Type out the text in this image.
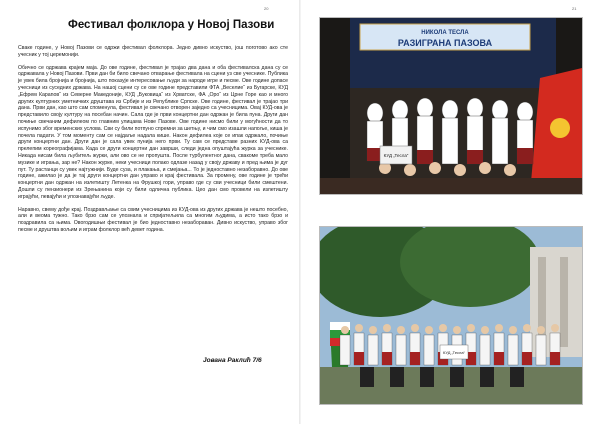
20	21
Фестивал фолклора у Новој Пазови

Сваке године, у Новој Пазови се одржи фестивал фолклора. Једно дивно искуство, још поготово ако сте учесник у тој церемонији.

Обично се одржава крајем маја. До ове године, фестивал је трајао два дана и оба фестивалска дана су се одржавала у Новој Пазови. Први дан би било свечано отварање фестивала на сцени уз све учеснике. Публика је увек била бројнија и бројнија, што показује интересовање људи за народе игре и песме. Ове године допасе учесници из суседних држава. На нашој сцени су се ове године представили ФТА „Веселие“ из Бугарске, КУД „Ефрем Караnов“ из Северне Македоније, КУД „Буковица“ из Хрватске, ФА „Оро“ из Црне Горе као и много других културних уметничких друштава из Србије и из Републике Српске. Ове године, фестивал је трајао три дана. Први дан, као што сам споменула, фестивал је свечано отворен заједно са учесницима. Овај КУД-ова је представило своју културу на посебан начин. Сала где је први концертни дан одржан је била пуна. Други дан почиње свечаним дефилеом по главним улицама Нове Пазове. Ове године нисмо били у могућности да то испунимо због временских услова. Сви су били потпуно спремни за шетњу, и чим смо изашли напоље, киша је почела падати. У том моменту сам се најдаље надала кише. Након дефилеа које се ипак одржало, почиње други концертни дан. Други дан је сала увек пунија него први. Ту сам се представе разних КУД-ова са прелепим кореографијама. Када се други концертни дан заврши, следи једна опуштајућа журка за учеснике. Никада нисам била љубитељ журки, али ово се не пропушта. После турбулентног дана, свакоме треба мало музике и играња, зар не? Након журке, неки учесници полако одлазе назад у своју државу и пред њима је дуг пут. Ту растанци су увек најтужнији. Буде суза, и плакања, и смејања... То је једноставно незаборавно. До ове године, ажилао је да је тај други концертни дан управо и крај фестивала. За промену, ове године је трећи концертни дан одржан на излетишту Летенка на Фрушкој гори, управо где су сви учесници били смештени. Дошли су пензионери из Зрењанина који су били одлична публика. Цео дан смо провели на излетишту играјући, певајући и упознавајући људе.

Наравно, свему дође крај. Поздрављање са свим учесницима из КУД-ова из других држава је нешто посебно, али и веома тужно. Тако брзо сам се упознала и спријатељила са многим људима, а исто тако брзо и поздравила са њима. Овогодишњи фестивал је био једноставно незабораван. Дивно искуство, управо због песме и друштва вољим и играм фолклор већ девет година.

Јована Раклић 7/6
НИКОЛА ТЕСЛА
РАЗИГРАНА ПАЗОВА
КУД „Тесла“
КУД „Тесла“
